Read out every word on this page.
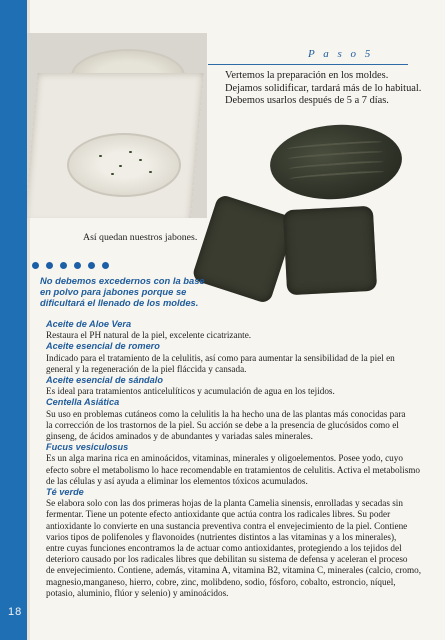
18
P a s o 5
Vertemos la preparación en los moldes.
Dejamos solidificar, tardará más de lo habitual.
Debemos usarlos después de 5 a 7 días.
Así quedan nuestros jabones.
No debemos excedernos con la base
en polvo para jabones porque se
dificultará el llenado de los moldes.
Aceite de Aloe Vera
Restaura el PH natural de la piel, excelente cicatrizante.
Aceite esencial de romero
Indicado para el tratamiento de la celulitis, así como para aumentar la sensibilidad de la piel en
general y la regeneración de la piel fláccida y cansada.
Aceite esencial de sándalo
Es ideal para tratamientos anticelulíticos y acumulación de agua en los tejidos.
Centella Asiática
Su uso en problemas cutáneos como la celulitis la ha hecho una de las plantas más conocidas para
la corrección de los trastornos de la piel. Su acción se debe a la presencia de glucósidos como el
ginseng, de ácidos aminados y de abundantes y variadas sales minerales.
Fucus vesiculosus
Es un alga marina rica en aminoácidos, vitaminas, minerales y oligoelementos. Posee yodo, cuyo
efecto sobre el metabolismo lo hace recomendable en tratamientos de celulitis. Activa el metabolismo
de las células y así ayuda a eliminar los elementos tóxicos acumulados.
Té verde
Se elabora solo con las dos primeras hojas de la planta Camelia sinensis, enrolladas y secadas sin
fermentar. Tiene un potente efecto antioxidante que actúa contra los radicales libres. Su poder
antioxidante lo convierte en una sustancia preventiva contra el envejecimiento de la piel. Contiene
varios tipos de polifenoles y flavonoides (nutrientes distintos a las vitaminas y a los minerales),
entre cuyas funciones encontramos la de actuar como antioxidantes, protegiendo a los tejidos del
deterioro causado por los radicales libres que debilitan su sistema de defensa y aceleran el proceso
de envejecimiento. Contiene, además, vitamina A, vitamina B2, vitamina C, minerales (calcio, cromo,
magnesio,manganeso, hierro, cobre, zinc, molibdeno, sodio, fósforo, cobalto, estroncio, níquel,
potasio, aluminio, flúor y selenio) y aminoácidos.
